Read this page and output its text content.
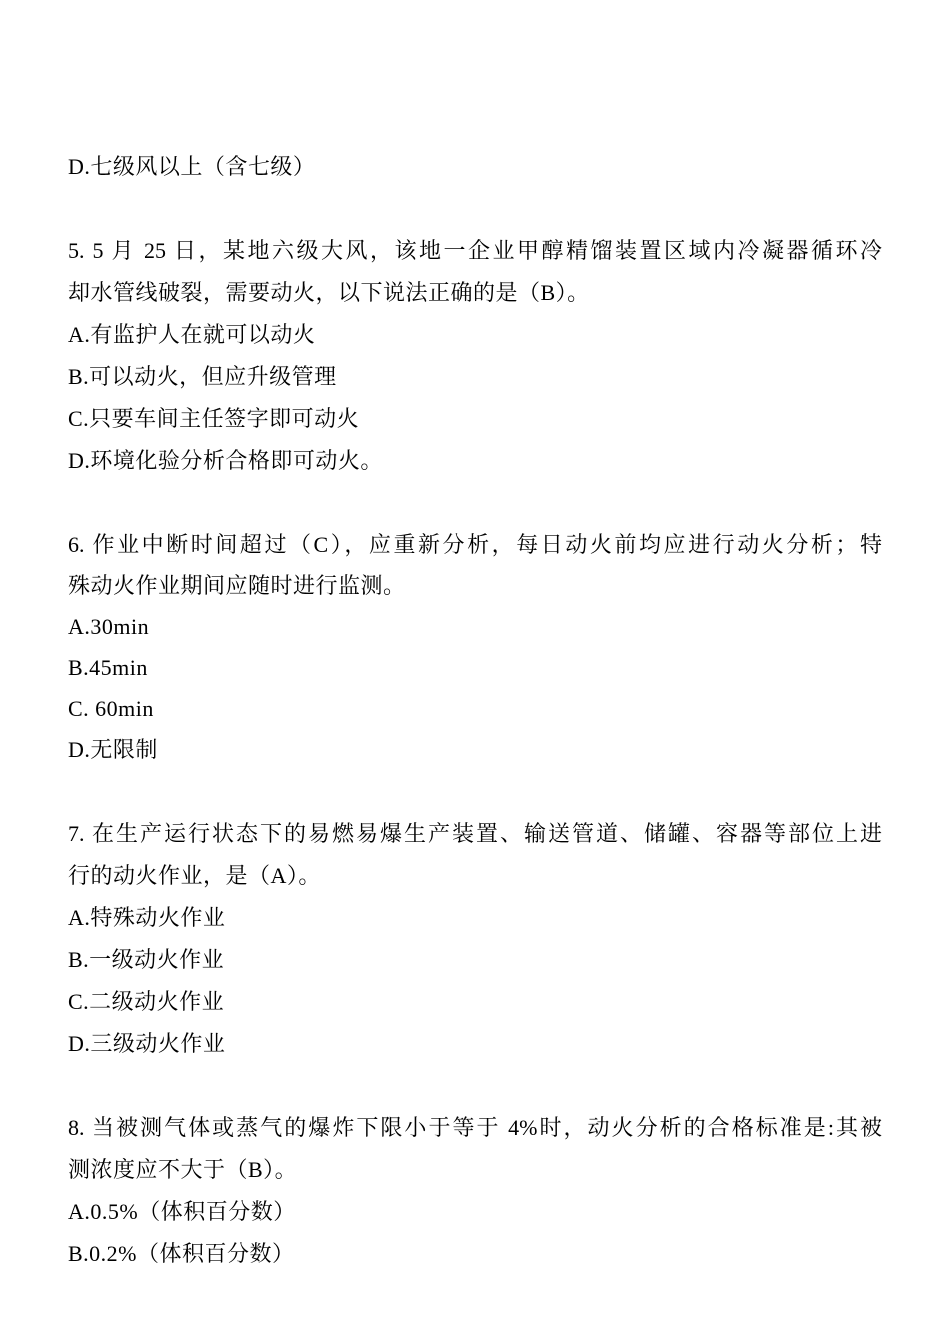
D.七级风以上（含七级）
5. 5 月 25 日，某地六级大风，该地一企业甲醇精馏装置区域内冷凝器循环冷
却水管线破裂，需要动火，以下说法正确的是（B）。
A.有监护人在就可以动火
B.可以动火，但应升级管理
C.只要车间主任签字即可动火
D.环境化验分析合格即可动火。
6. 作业中断时间超过（C），应重新分析，每日动火前均应进行动火分析；特
殊动火作业期间应随时进行监测。
A.30min
B.45min
C. 60min
D.无限制
7. 在生产运行状态下的易燃易爆生产装置、输送管道、储罐、容器等部位上进
行的动火作业，是（A）。
A.特殊动火作业
B.一级动火作业
C.二级动火作业
D.三级动火作业
8. 当被测气体或蒸气的爆炸下限小于等于 4%时，动火分析的合格标准是:其被
测浓度应不大于（B）。
A.0.5%（体积百分数）
B.0.2%（体积百分数）
